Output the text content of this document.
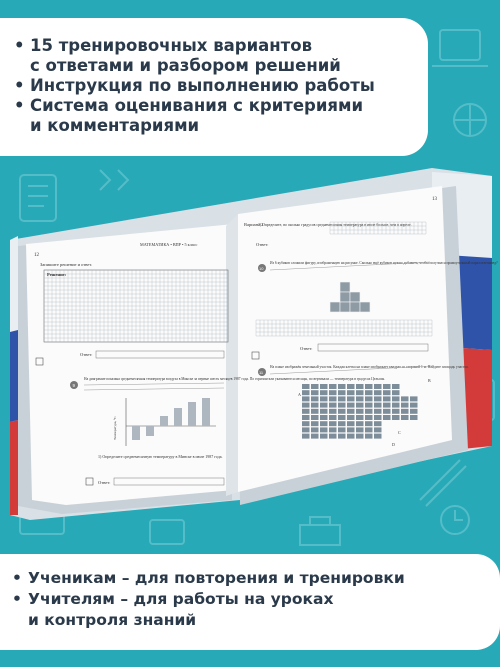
12
МАТЕМАТИКА • ВПР • 5 класс
Запишите решение и ответ.
Решение:
Ответ:
9
На диаграмме показана среднемесячная температура воздуха в Минске за первые шесть месяцев 1987 года. По горизонтали указываются месяцы, по вертикали — температура в градусах Цельсия.
Температура, °C
1) Определите среднемесячную температуру в Минске в июле 1987 года.
Ответ:
13
Вариант 2
2) Определите, во сколько градусов среднемесячная температура в июле больше, чем в апреле.
Ответ:
10
Из 6 кубиков сложили фигуру, изображенную на рисунке. Сколько ещё кубиков нужно добавить, чтобы получился прямоугольный параллелепипед?
Ответ:
11
На плане изображён земельный участок. Каждая клетка на плане изображает квадрат со стороной 1 м. Найдите площадь участка.
A
B
C
D
• 15 тренировочных вариантов
с ответами и разбором решений
• Инструкция по выполнению работы
• Система оценивания с критериями
и комментариями
• Ученикам – для повторения и тренировки
• Учителям – для работы на уроках
и контроля знаний
